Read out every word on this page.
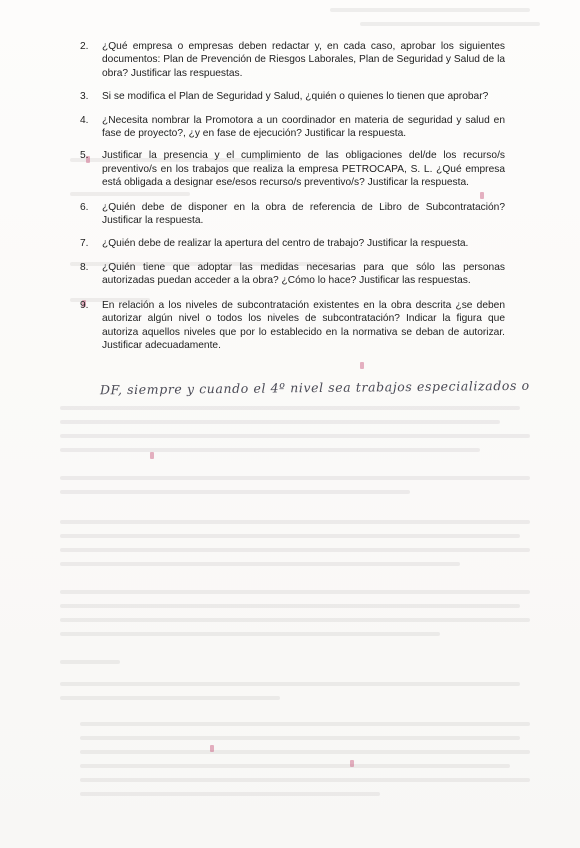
2. ¿Qué empresa o empresas deben redactar y, en cada caso, aprobar los siguientes documentos: Plan de Prevención de Riesgos Laborales, Plan de Seguridad y Salud de la obra? Justificar las respuestas.
3. Si se modifica el Plan de Seguridad y Salud, ¿quién o quienes lo tienen que aprobar?
4. ¿Necesita nombrar la Promotora a un coordinador en materia de seguridad y salud en fase de proyecto?, ¿y en fase de ejecución? Justificar la respuesta.
5. Justificar la presencia y el cumplimiento de las obligaciones del/de los recurso/s preventivo/s en los trabajos que realiza la empresa PETROCAPA, S. L. ¿Qué empresa está obligada a designar ese/esos recurso/s preventivo/s? Justificar la respuesta.
6. ¿Quién debe de disponer en la obra de referencia de Libro de Subcontratación? Justificar la respuesta.
7. ¿Quién debe de realizar la apertura del centro de trabajo? Justificar la respuesta.
8. ¿Quién tiene que adoptar las medidas necesarias para que sólo las personas autorizadas puedan acceder a la obra? ¿Cómo lo hace? Justificar las respuestas.
9. En relación a los niveles de subcontratación existentes en la obra descrita ¿se deben autorizar algún nivel o todos los niveles de subcontratación? Indicar la figura que autoriza aquellos niveles que por lo establecido en la normativa se deban de autorizar. Justificar adecuadamente.
DF, siempre y cuando el 4º nivel sea trabajos especializados o
